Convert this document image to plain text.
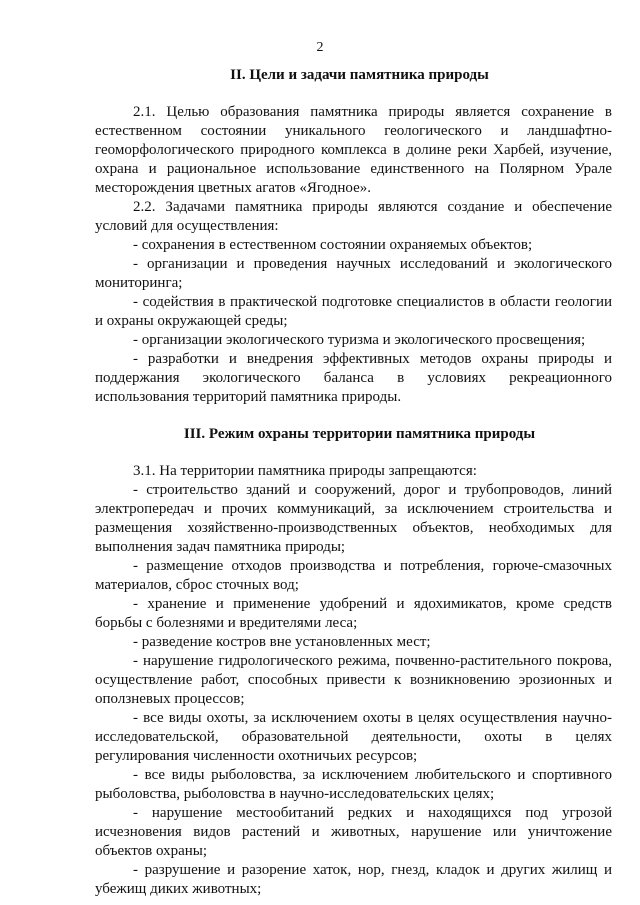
2
II. Цели и задачи памятника природы

2.1. Целью образования памятника природы является сохранение в естественном состоянии уникального геологического и ландшафтно-геоморфологического природного комплекса в долине реки Харбей, изучение, охрана и рациональное использование единственного на Полярном Урале месторождения цветных агатов «Ягодное».

2.2. Задачами памятника природы являются создание и обеспечение условий для осуществления:

- сохранения в естественном состоянии охраняемых объектов;

- организации и проведения научных исследований и экологического мониторинга;

- содействия в практической подготовке специалистов в области геологии и охраны окружающей среды;

- организации экологического туризма и экологического просвещения;

- разработки и внедрения эффективных методов охраны природы и поддержания экологического баланса в условиях рекреационного использования территорий памятника природы.

III. Режим охраны территории памятника природы

3.1. На территории памятника природы запрещаются:

- строительство зданий и сооружений, дорог и трубопроводов, линий электропередач и прочих коммуникаций, за исключением строительства и размещения хозяйственно-производственных объектов, необходимых для выполнения задач памятника природы;

- размещение отходов производства и потребления, горюче-смазочных материалов, сброс сточных вод;

- хранение и применение удобрений и ядохимикатов, кроме средств борьбы с болезнями и вредителями леса;

- разведение костров вне установленных мест;

- нарушение гидрологического режима, почвенно-растительного покрова, осуществление работ, способных привести к возникновению эрозионных и оползневых процессов;

- все виды охоты, за исключением охоты в целях осуществления научно-исследовательской, образовательной деятельности, охоты в целях регулирования численности охотничьих ресурсов;

- все виды рыболовства, за исключением любительского и спортивного рыболовства, рыболовства в научно-исследовательских целях;

- нарушение местообитаний редких и находящихся под угрозой исчезновения видов растений и животных, нарушение или уничтожение объектов охраны;

- разрушение и разорение хаток, нор, гнезд, кладок и других жилищ и убежищ диких животных;
